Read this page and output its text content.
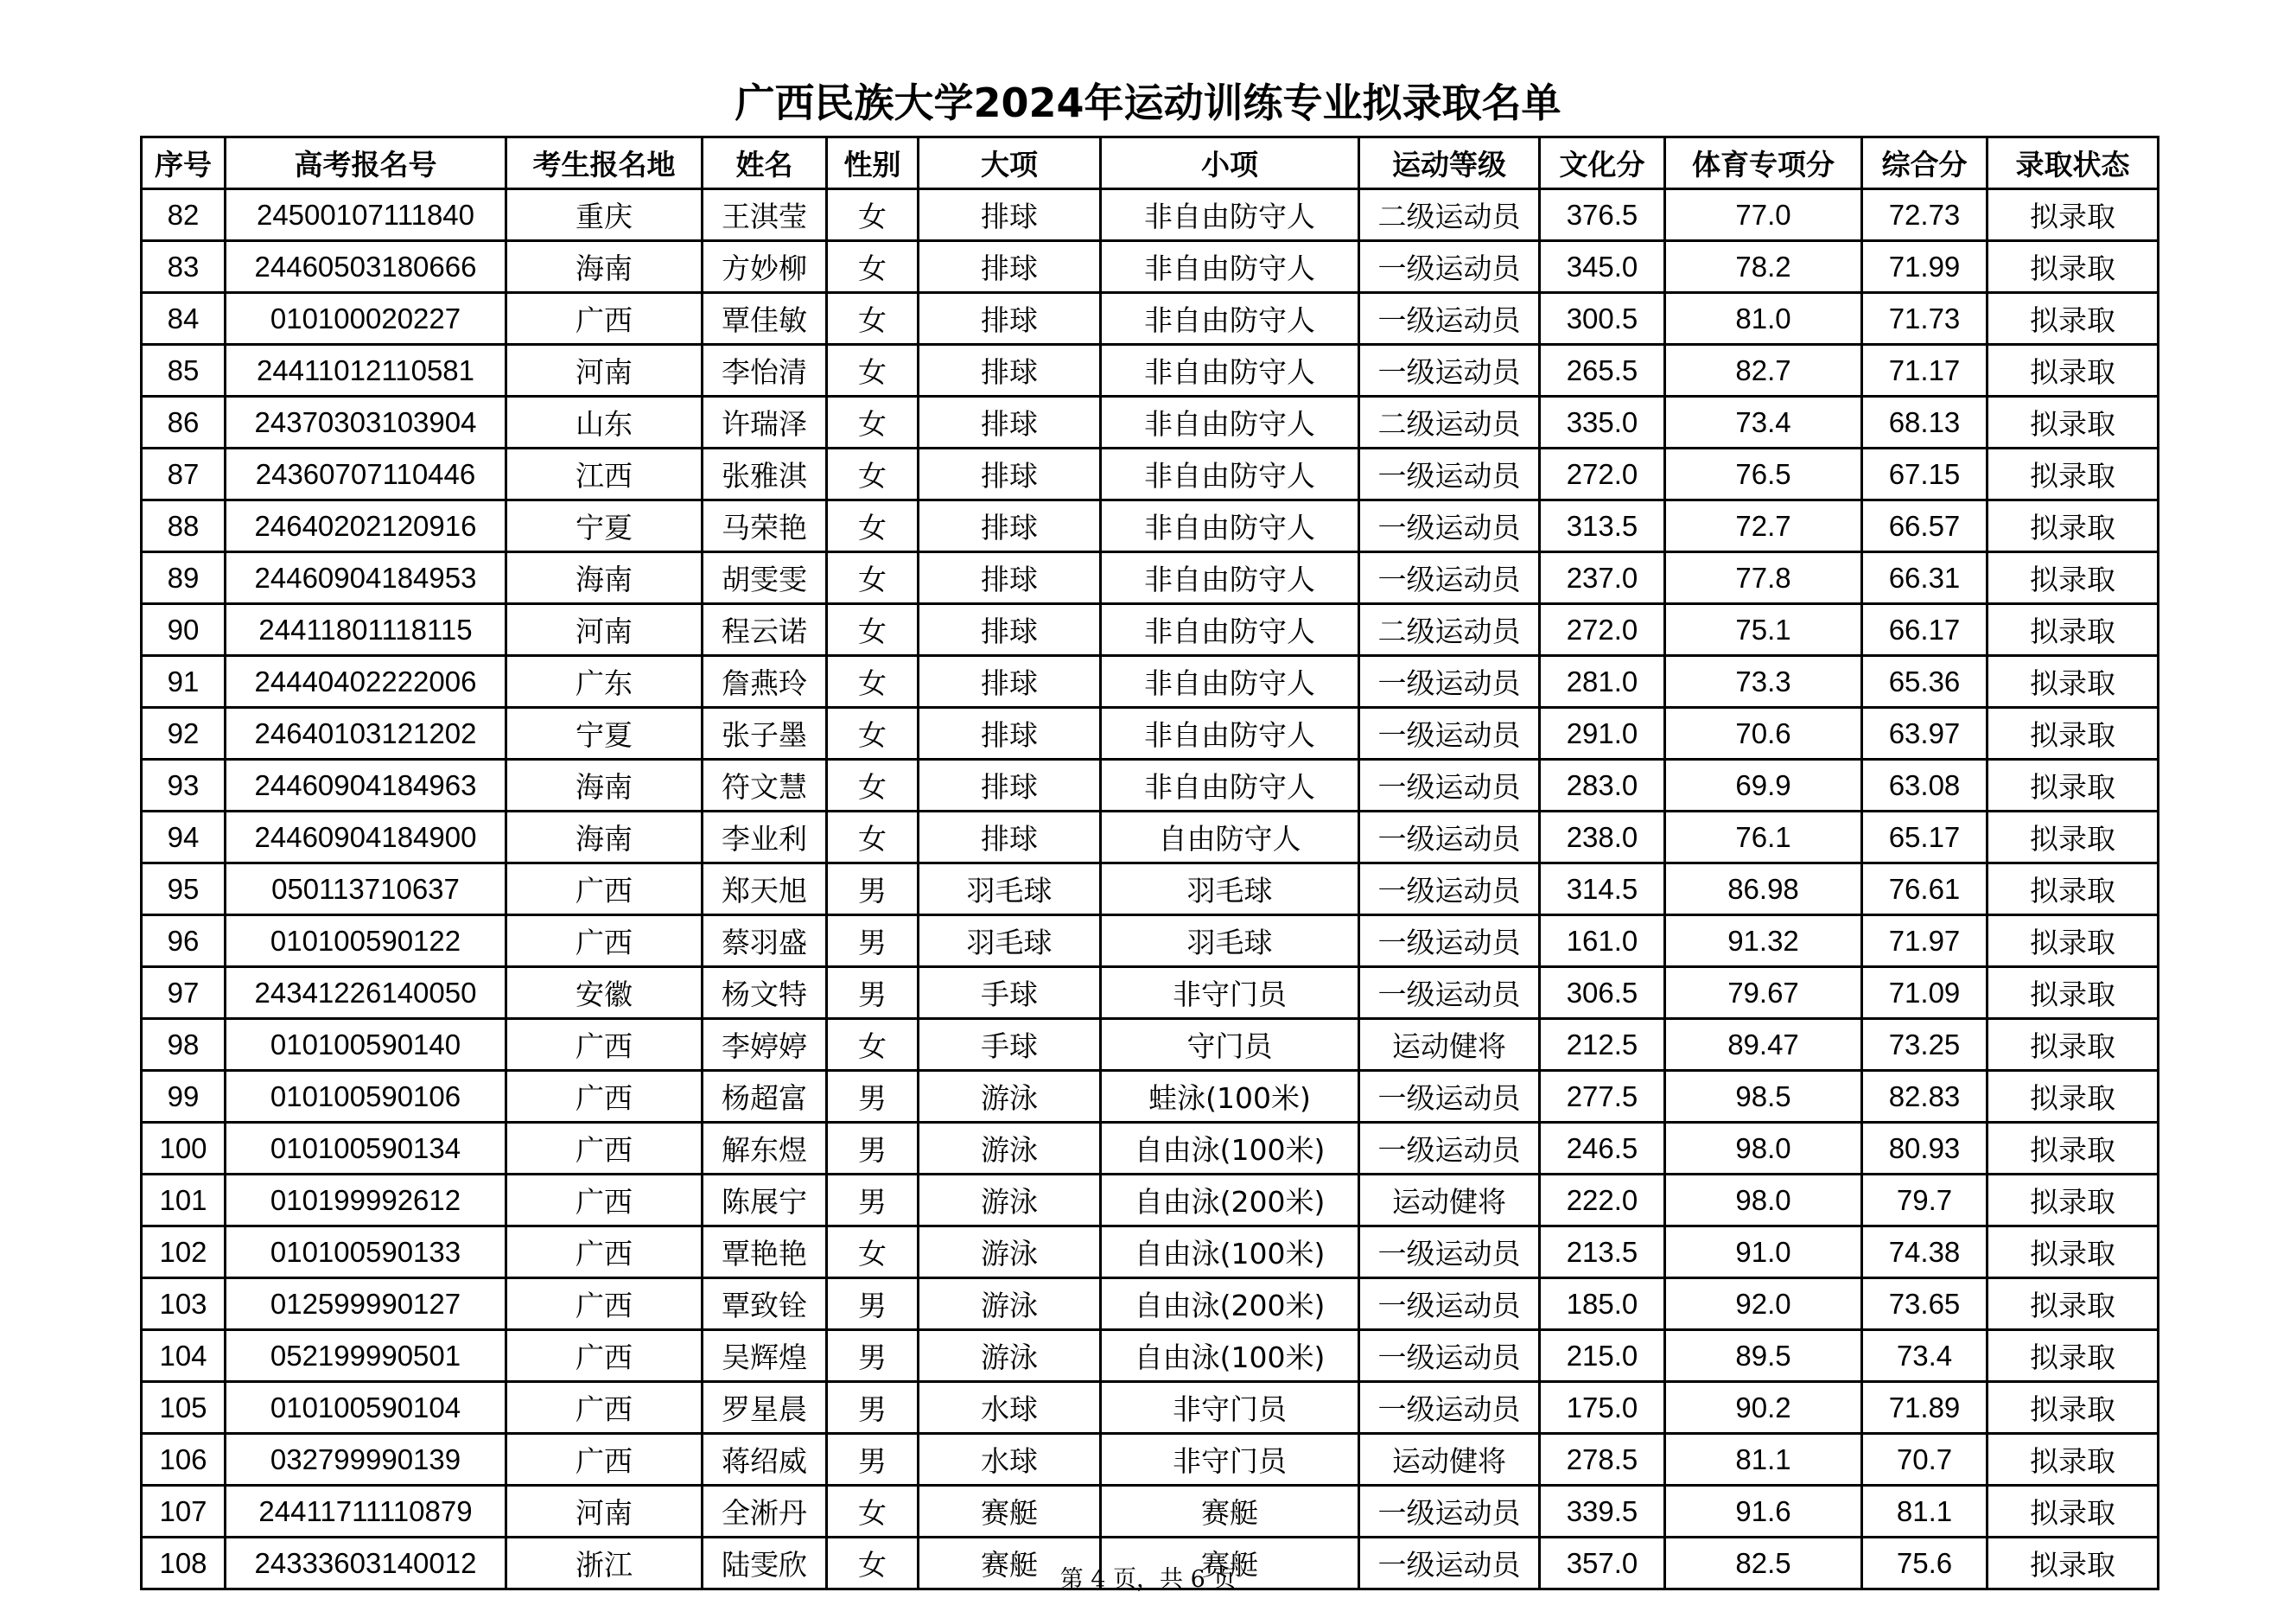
广西民族大学2024年运动训练专业拟录取名单
序号	高考报名号	考生报名地	姓名	性别	大项	小项	运动等级	文化分	体育专项分	综合分	录取状态
82	24500107111840	重庆	王淇莹	女	排球	非自由防守人	二级运动员	376.5	77.0	72.73	拟录取
83	24460503180666	海南	方妙柳	女	排球	非自由防守人	一级运动员	345.0	78.2	71.99	拟录取
84	010100020227	广西	覃佳敏	女	排球	非自由防守人	一级运动员	300.5	81.0	71.73	拟录取
85	24411012110581	河南	李怡清	女	排球	非自由防守人	一级运动员	265.5	82.7	71.17	拟录取
86	24370303103904	山东	许瑞泽	女	排球	非自由防守人	二级运动员	335.0	73.4	68.13	拟录取
87	24360707110446	江西	张雅淇	女	排球	非自由防守人	一级运动员	272.0	76.5	67.15	拟录取
88	24640202120916	宁夏	马荣艳	女	排球	非自由防守人	一级运动员	313.5	72.7	66.57	拟录取
89	24460904184953	海南	胡雯雯	女	排球	非自由防守人	一级运动员	237.0	77.8	66.31	拟录取
90	24411801118115	河南	程云诺	女	排球	非自由防守人	二级运动员	272.0	75.1	66.17	拟录取
91	24440402222006	广东	詹燕玲	女	排球	非自由防守人	一级运动员	281.0	73.3	65.36	拟录取
92	24640103121202	宁夏	张子墨	女	排球	非自由防守人	一级运动员	291.0	70.6	63.97	拟录取
93	24460904184963	海南	符文慧	女	排球	非自由防守人	一级运动员	283.0	69.9	63.08	拟录取
94	24460904184900	海南	李业利	女	排球	自由防守人	一级运动员	238.0	76.1	65.17	拟录取
95	050113710637	广西	郑天旭	男	羽毛球	羽毛球	一级运动员	314.5	86.98	76.61	拟录取
96	010100590122	广西	蔡羽盛	男	羽毛球	羽毛球	一级运动员	161.0	91.32	71.97	拟录取
97	24341226140050	安徽	杨文特	男	手球	非守门员	一级运动员	306.5	79.67	71.09	拟录取
98	010100590140	广西	李婷婷	女	手球	守门员	运动健将	212.5	89.47	73.25	拟录取
99	010100590106	广西	杨超富	男	游泳	蛙泳(100米)	一级运动员	277.5	98.5	82.83	拟录取
100	010100590134	广西	解东煜	男	游泳	自由泳(100米)	一级运动员	246.5	98.0	80.93	拟录取
101	010199992612	广西	陈展宁	男	游泳	自由泳(200米)	运动健将	222.0	98.0	79.7	拟录取
102	010100590133	广西	覃艳艳	女	游泳	自由泳(100米)	一级运动员	213.5	91.0	74.38	拟录取
103	012599990127	广西	覃致铨	男	游泳	自由泳(200米)	一级运动员	185.0	92.0	73.65	拟录取
104	052199990501	广西	吴辉煌	男	游泳	自由泳(100米)	一级运动员	215.0	89.5	73.4	拟录取
105	010100590104	广西	罗星晨	男	水球	非守门员	一级运动员	175.0	90.2	71.89	拟录取
106	032799990139	广西	蒋绍威	男	水球	非守门员	运动健将	278.5	81.1	70.7	拟录取
107	24411711110879	河南	全淅丹	女	赛艇	赛艇	一级运动员	339.5	91.6	81.1	拟录取
108	24333603140012	浙江	陆雯欣	女	赛艇	赛艇	一级运动员	357.0	82.5	75.6	拟录取
第 4 页，共 6 页
